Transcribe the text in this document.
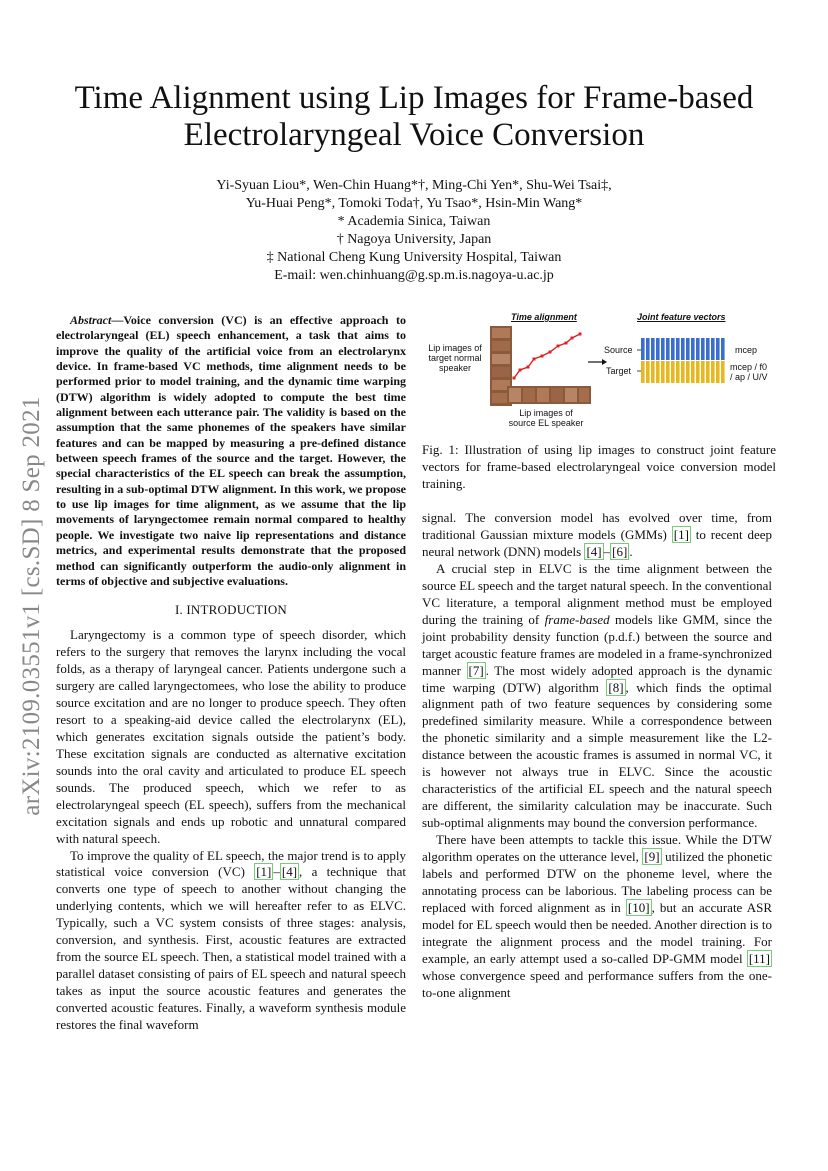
arXiv:2109.03551v1 [cs.SD] 8 Sep 2021
Time Alignment using Lip Images for Frame-based
Electrolaryngeal Voice Conversion
Yi-Syuan Liou*, Wen-Chin Huang*†, Ming-Chi Yen*, Shu-Wei Tsai‡,
Yu-Huai Peng*, Tomoki Toda†, Yu Tsao*, Hsin-Min Wang*
* Academia Sinica, Taiwan
† Nagoya University, Japan
‡ National Cheng Kung University Hospital, Taiwan
E-mail: wen.chinhuang@g.sp.m.is.nagoya-u.ac.jp

Abstract—Voice conversion (VC) is an effective approach to electrolaryngeal (EL) speech enhancement, a task that aims to improve the quality of the artificial voice from an electrolarynx device. In frame-based VC methods, time alignment needs to be performed prior to model training, and the dynamic time warping (DTW) algorithm is widely adopted to compute the best time alignment between each utterance pair. The validity is based on the assumption that the same phonemes of the speakers have similar features and can be mapped by measuring a pre-defined distance between speech frames of the source and the target. However, the special characteristics of the EL speech can break the assumption, resulting in a sub-optimal DTW alignment. In this work, we propose to use lip images for time alignment, as we assume that the lip movements of laryngectomee remain normal compared to healthy people. We investigate two naive lip representations and distance metrics, and experimental results demonstrate that the proposed method can significantly outperform the audio-only alignment in terms of objective and subjective evaluations.

I. INTRODUCTION

Laryngectomy is a common type of speech disorder, which refers to the surgery that removes the larynx including the vocal folds, as a therapy of laryngeal cancer. Patients undergone such a surgery are called laryngectomees, who lose the ability to produce source excitation and are no longer to produce speech. They often resort to a speaking-aid device called the electrolarynx (EL), which generates excitation signals outside the patient’s body. These excitation signals are conducted as alternative excitation sounds into the oral cavity and articulated to produce EL speech sounds. The produced speech, which we refer to as electrolaryngeal speech (EL speech), suffers from the mechanical excitation signals and ends up robotic and unnatural compared with natural speech.

To improve the quality of EL speech, the major trend is to apply statistical voice conversion (VC) [1] – [4] , a technique that converts one type of speech to another without changing the underlying contents, which we will hereafter refer to as ELVC. Typically, such a VC system consists of three stages: analysis, conversion, and synthesis. First, acoustic features are extracted from the source EL speech. Then, a statistical model trained with a parallel dataset consisting of pairs of EL speech and natural speech takes as input the source acoustic features and generates the converted acoustic features. Finally, a waveform synthesis module restores the final waveform

Time alignment	Joint feature vectors
Lip images of
target normal
speaker
Lip images of
source EL speaker
Source
Target
mcep
mcep / f0
/ ap / U/V
Fig. 1: Illustration of using lip images to construct joint feature vectors for frame-based electrolaryngeal voice conversion model training.

signal. The conversion model has evolved over time, from traditional Gaussian mixture models (GMMs) [1] to recent deep neural network (DNN) models [4] – [6] .

A crucial step in ELVC is the time alignment between the source EL speech and the target natural speech. In the conventional VC literature, a temporal alignment method must be employed during the training of frame-based models like GMM, since the joint probability density function (p.d.f.) between the source and target acoustic feature frames are modeled in a frame-synchronized manner [7] . The most widely adopted approach is the dynamic time warping (DTW) algorithm [8] , which finds the optimal alignment path of two feature sequences by considering some predefined similarity measure. While a correspondence between the phonetic similarity and a simple measurement like the L2-distance between the acoustic frames is assumed in normal VC, it is however not always true in ELVC. Since the acoustic characteristics of the artificial EL speech and the natural speech are different, the similarity calculation may be inaccurate. Such sub-optimal alignments may bound the conversion performance.

There have been attempts to tackle this issue. While the DTW algorithm operates on the utterance level, [9] utilized the phonetic labels and performed DTW on the phoneme level, where the annotating process can be laborious. The labeling process can be replaced with forced alignment as in [10] , but an accurate ASR model for EL speech would then be needed. Another direction is to integrate the alignment process and the model training. For example, an early attempt used a so-called DP-GMM model [11] whose convergence speed and performance suffers from the one-to-one alignment
